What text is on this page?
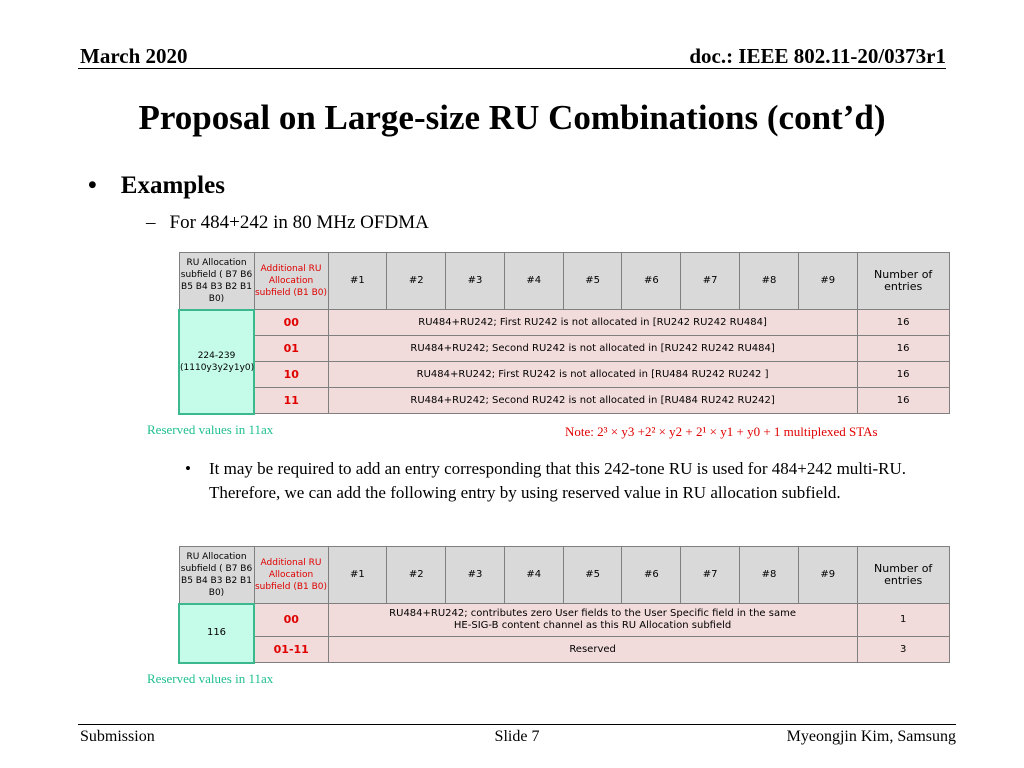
March 2020	doc.: IEEE 802.11-20/0373r1
Proposal on Large-size RU Combinations (cont’d)
• Examples
– For 484+242 in 80 MHz OFDMA
RU Allocation subfield ( B7 B6 B5 B4 B3 B2 B1 B0)	Additional RU Allocation subfield (B1 B0)	#1	#2	#3	#4	#5	#6	#7	#8	#9	Number of entries
224-239
(1110y3y2y1y0)	00	RU484+RU242; First RU242 is not allocated in [RU242 RU242 RU484]									16
	01	RU484+RU242; Second RU242 is not allocated in [RU242 RU242 RU484]									16
	10	RU484+RU242; First RU242 is not allocated in [RU484 RU242 RU242 ]									16
	11	RU484+RU242; Second RU242 is not allocated in [RU484 RU242 RU242]									16
Reserved values in 11ax	Note: 2³ × y3 +2² × y2 + 2¹ × y1 + y0 + 1 multiplexed STAs
• It may be required to add an entry corresponding that this 242-tone RU is used for 484+242 multi-RU. Therefore, we can add the following entry by using reserved value in RU allocation subfield.
RU Allocation subfield ( B7 B6 B5 B4 B3 B2 B1 B0)	Additional RU Allocation subfield (B1 B0)	#1	#2	#3	#4	#5	#6	#7	#8	#9	Number of entries
116	00	RU484+RU242; contributes zero User fields to the User Specific field in the same HE-SIG-B content channel as this RU Allocation subfield									1
	01-11	Reserved									3
Reserved values in 11ax
Submission	Slide 7	Myeongjin Kim, Samsung
